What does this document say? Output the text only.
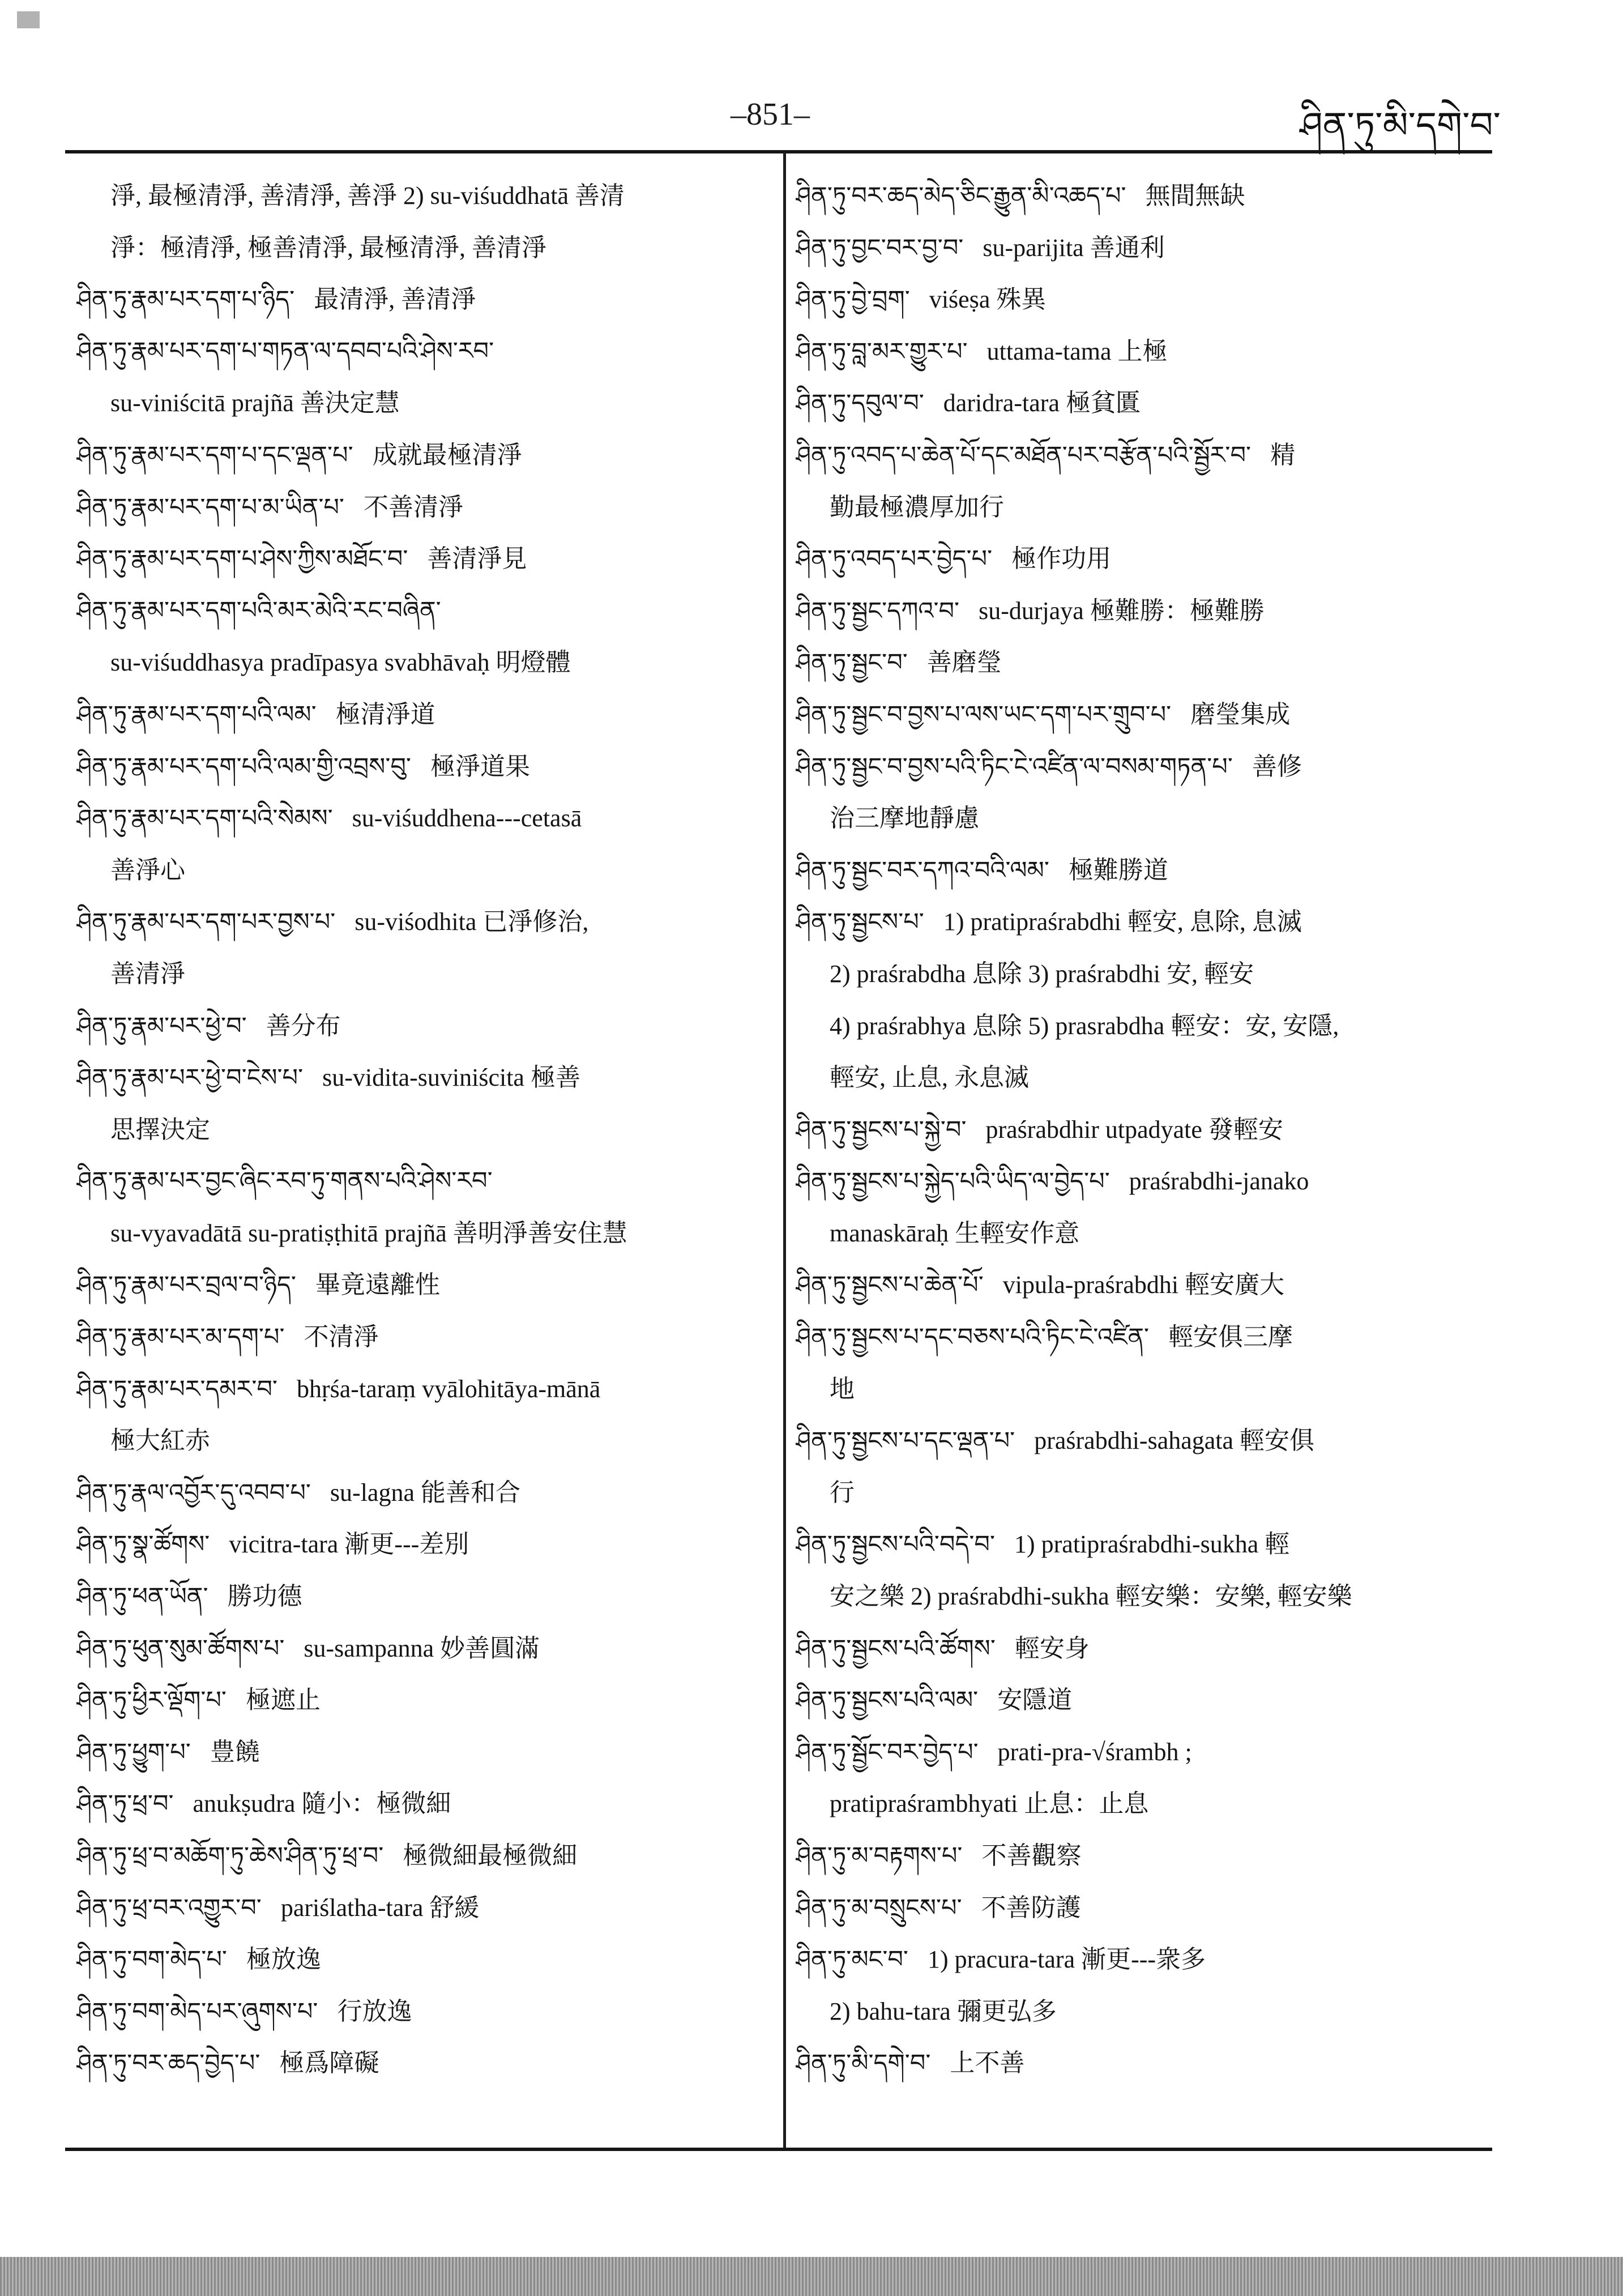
–851–	ཤིན་ཏུ་མི་དགེ་བ་
淨, 最極清淨, 善清淨, 善淨 2) su-viśuddhatā 善清
淨：極清淨, 極善清淨, 最極清淨, 善清淨
ཤིན་ཏུ་རྣམ་པར་དག་པ་ཉིད་ 最清淨, 善清淨
ཤིན་ཏུ་རྣམ་པར་དག་པ་གཏན་ལ་དབབ་པའི་ཤེས་རབ་
su-viniścitā prajñā 善決定慧
ཤིན་ཏུ་རྣམ་པར་དག་པ་དང་ལྡན་པ་ 成就最極清淨
ཤིན་ཏུ་རྣམ་པར་དག་པ་མ་ཡིན་པ་ 不善清淨
ཤིན་ཏུ་རྣམ་པར་དག་པ་ཤེས་ཀྱིས་མཐོང་བ་ 善清淨見
ཤིན་ཏུ་རྣམ་པར་དག་པའི་མར་མེའི་རང་བཞིན་
su-viśuddhasya pradīpasya svabhāvaḥ 明燈體
ཤིན་ཏུ་རྣམ་པར་དག་པའི་ལམ་ 極清淨道
ཤིན་ཏུ་རྣམ་པར་དག་པའི་ལམ་གྱི་འབྲས་བུ་ 極淨道果
ཤིན་ཏུ་རྣམ་པར་དག་པའི་སེམས་ su-viśuddhena---cetasā
善淨心
ཤིན་ཏུ་རྣམ་པར་དག་པར་བྱས་པ་ su-viśodhita 已淨修治,
善清淨
ཤིན་ཏུ་རྣམ་པར་ཕྱེ་བ་ 善分布
ཤིན་ཏུ་རྣམ་པར་ཕྱེ་བ་ངེས་པ་ su-vidita-suviniścita 極善
思擇決定
ཤིན་ཏུ་རྣམ་པར་བྱང་ཞིང་རབ་ཏུ་གནས་པའི་ཤེས་རབ་
su-vyavadātā su-pratiṣṭhitā prajñā 善明淨善安住慧
ཤིན་ཏུ་རྣམ་པར་བྲལ་བ་ཉིད་ 畢竟遠離性
ཤིན་ཏུ་རྣམ་པར་མ་དག་པ་ 不清淨
ཤིན་ཏུ་རྣམ་པར་དམར་བ་ bhṛśa-taraṃ vyālohitāya-mānā
極大紅赤
ཤིན་ཏུ་རྣལ་འབྱོར་དུ་འབབ་པ་ su-lagna 能善和合
ཤིན་ཏུ་སྣ་ཚོགས་ vicitra-tara 漸更---差別
ཤིན་ཏུ་ཕན་ཡོན་ 勝功德
ཤིན་ཏུ་ཕུན་སུམ་ཚོགས་པ་ su-sampanna 妙善圓滿
ཤིན་ཏུ་ཕྱིར་ལྡོག་པ་ 極遮止
ཤིན་ཏུ་ཕྱུག་པ་ 豊饒
ཤིན་ཏུ་ཕྲ་བ་ anukṣudra 隨小：極微細
ཤིན་ཏུ་ཕྲ་བ་མཆོག་ཏུ་ཆེས་ཤིན་ཏུ་ཕྲ་བ་ 極微細最極微細
ཤིན་ཏུ་ཕྲ་བར་འགྱུར་བ་ pariślatha-tara 舒緩
ཤིན་ཏུ་བག་མེད་པ་ 極放逸
ཤིན་ཏུ་བག་མེད་པར་ཞུགས་པ་ 行放逸
ཤིན་ཏུ་བར་ཆད་བྱེད་པ་ 極爲障礙
ཤིན་ཏུ་བར་ཆད་མེད་ཅིང་རྒྱུན་མི་འཆད་པ་ 無間無缺
ཤིན་ཏུ་བྱང་བར་བྱ་བ་ su-parijita 善通利
ཤིན་ཏུ་བྱེ་བྲག་ viśeṣa 殊異
ཤིན་ཏུ་བླ་མར་གྱུར་པ་ uttama-tama 上極
ཤིན་ཏུ་དབུལ་བ་ daridra-tara 極貧匱
ཤིན་ཏུ་འབད་པ་ཆེན་པོ་དང་མཐོན་པར་བརྩོན་པའི་སྦྱོར་བ་ 精
勤最極濃厚加行
ཤིན་ཏུ་འབད་པར་བྱེད་པ་ 極作功用
ཤིན་ཏུ་སྦྱང་དཀའ་བ་ su-durjaya 極難勝：極難勝
ཤིན་ཏུ་སྦྱང་བ་ 善磨瑩
ཤིན་ཏུ་སྦྱང་བ་བྱས་པ་ལས་ཡང་དག་པར་གྲུབ་པ་ 磨瑩集成
ཤིན་ཏུ་སྦྱང་བ་བྱས་པའི་ཏིང་ངེ་འཛིན་ལ་བསམ་གཏན་པ་ 善修
治三摩地靜慮
ཤིན་ཏུ་སྦྱང་བར་དཀའ་བའི་ལམ་ 極難勝道
ཤིན་ཏུ་སྦྱངས་པ་ 1) pratipraśrabdhi 輕安, 息除, 息滅
2) praśrabdha 息除 3) praśrabdhi 安, 輕安
4) praśrabhya 息除 5) prasrabdha 輕安：安, 安隱,
輕安, 止息, 永息滅
ཤིན་ཏུ་སྦྱངས་པ་སྐྱེ་བ་ praśrabdhir utpadyate 發輕安
ཤིན་ཏུ་སྦྱངས་པ་སྐྱེད་པའི་ཡིད་ལ་བྱེད་པ་ praśrabdhi-janako
manaskāraḥ 生輕安作意
ཤིན་ཏུ་སྦྱངས་པ་ཆེན་པོ་ vipula-praśrabdhi 輕安廣大
ཤིན་ཏུ་སྦྱངས་པ་དང་བཅས་པའི་ཏིང་ངེ་འཛིན་ 輕安俱三摩
地
ཤིན་ཏུ་སྦྱངས་པ་དང་ལྡན་པ་ praśrabdhi-sahagata 輕安俱
行
ཤིན་ཏུ་སྦྱངས་པའི་བདེ་བ་ 1) pratipraśrabdhi-sukha 輕
安之樂 2) praśrabdhi-sukha 輕安樂：安樂, 輕安樂
ཤིན་ཏུ་སྦྱངས་པའི་ཚོགས་ 輕安身
ཤིན་ཏུ་སྦྱངས་པའི་ལམ་ 安隱道
ཤིན་ཏུ་སྦྱོང་བར་བྱེད་པ་ prati-pra-√śrambh ;
pratipraśrambhyati 止息：止息
ཤིན་ཏུ་མ་བརྟགས་པ་ 不善觀察
ཤིན་ཏུ་མ་བསྲུངས་པ་ 不善防護
ཤིན་ཏུ་མང་བ་ 1) pracura-tara 漸更---衆多
2) bahu-tara 彌更弘多
ཤིན་ཏུ་མི་དགེ་བ་ 上不善
